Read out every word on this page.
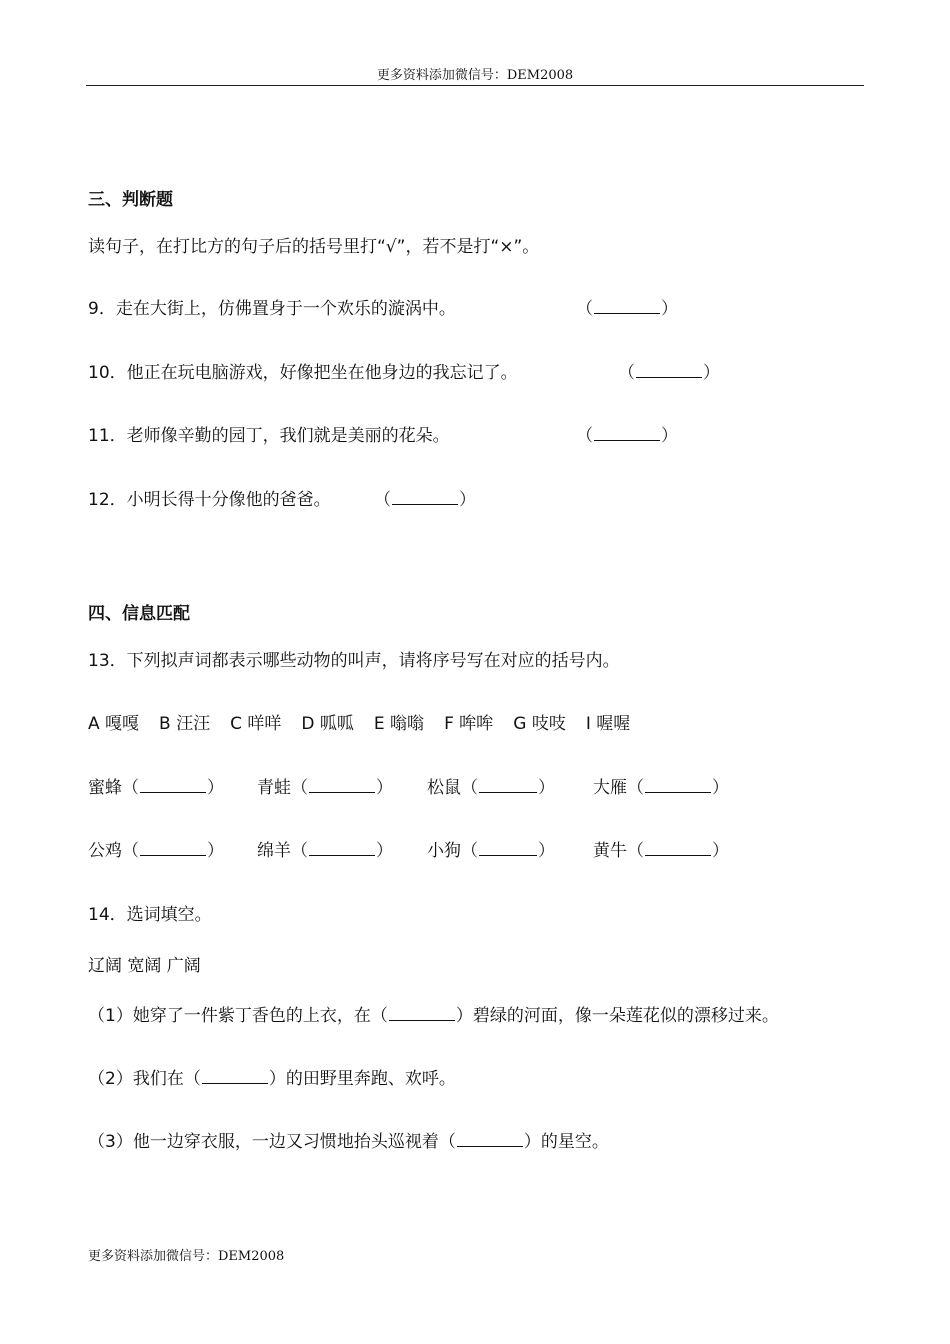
更多资料添加微信号：DEM2008
三、判断题
读句子，在打比方的句子后的括号里打“√”，若不是打“×”。
9．走在大街上，仿佛置身于一个欢乐的漩涡中。	（	）
10．他正在玩电脑游戏，好像把坐在他身边的我忘记了。	（	）
11．老师像辛勤的园丁，我们就是美丽的花朵。	（	）
12．小明长得十分像他的爸爸。	（	）
四、信息匹配
13．下列拟声词都表示哪些动物的叫声，请将序号写在对应的括号内。
A 嘎嘎 B 汪汪 C 咩咩 D 呱呱 E 嗡嗡 F 哞哞 G 吱吱 I 喔喔
蜜蜂（	） 青蛙（	） 松鼠（	） 大雁（	）
公鸡（	） 绵羊（	） 小狗（	） 黄牛（	）
14．选词填空。
辽阔 宽阔 广阔
（1）她穿了一件紫丁香色的上衣，在（	）碧绿的河面，像一朵莲花似的漂移过来。
（2）我们在（	）的田野里奔跑、欢呼。
（3）他一边穿衣服，一边又习惯地抬头巡视着（	）的星空。
更多资料添加微信号：DEM2008
